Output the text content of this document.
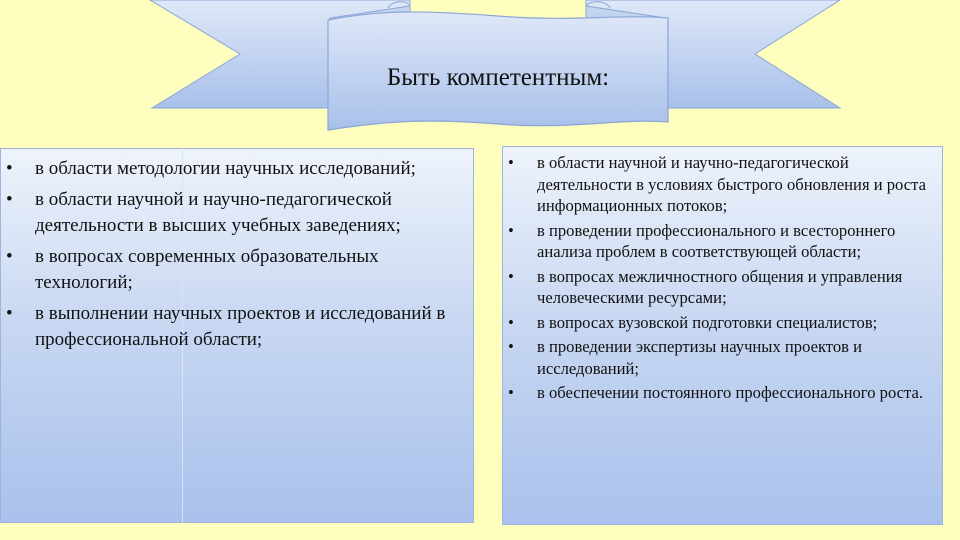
Быть компетентным:
• в области методологии научных исследований;
• в области научной и научно-педагогической деятельности в высших учебных заведениях;
• в вопросах современных образовательных технологий;
• в выполнении научных проектов и исследований в профессиональной области;
• в области научной и научно-педагогической деятельности в условиях быстрого обновления и роста информационных потоков;
• в проведении профессионального и всестороннего анализа проблем в соответствующей области;
• в вопросах межличностного общения и управления человеческими ресурсами;
• в вопросах вузовской подготовки специалистов;
• в проведении экспертизы научных проектов и исследований;
• в обеспечении постоянного профессионального роста.
